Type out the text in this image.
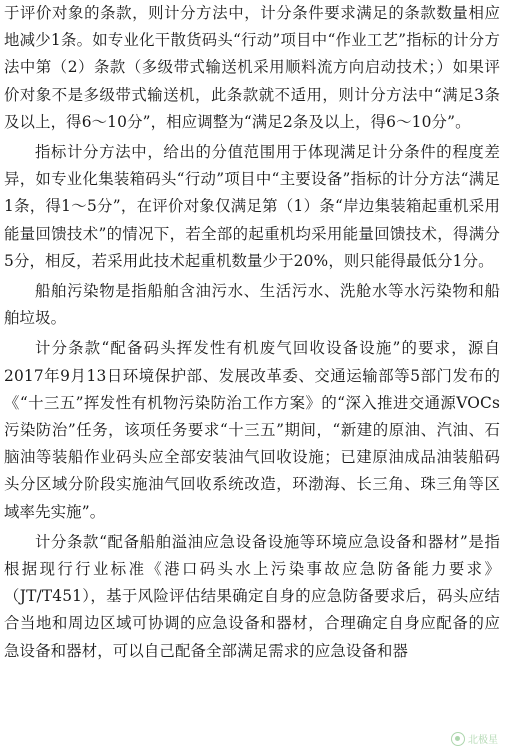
于评价对象的条款，则计分方法中，计分条件要求满足的条款数量相应地减少1条。如专业化干散货码头“行动”项目中“作业工艺”指标的计分方法中第（2）条款（多级带式输送机采用顺料流方向启动技术；）如果评价对象不是多级带式输送机，此条款就不适用，则计分方法中“满足3条及以上，得6～10分”，相应调整为“满足2条及以上，得6～10分”。

指标计分方法中，给出的分值范围用于体现满足计分条件的程度差异，如专业化集装箱码头“行动”项目中“主要设备”指标的计分方法“满足1条，得1～5分”，在评价对象仅满足第（1）条“岸边集装箱起重机采用能量回馈技术”的情况下，若全部的起重机均采用能量回馈技术，得满分5分，相反，若采用此技术起重机数量少于20%，则只能得最低分1分。

船舶污染物是指船舶含油污水、生活污水、洗舱水等水污染物和船舶垃圾。

计分条款“配备码头挥发性有机废气回收设备设施”的要求，源自2017年9月13日环境保护部、发展改革委、交通运输部等5部门发布的《“十三五”挥发性有机物污染防治工作方案》的“深入推进交通源VOCs污染防治”任务，该项任务要求“十三五”期间，“新建的原油、汽油、石脑油等装船作业码头应全部安装油气回收设施；已建原油成品油装船码头分区域分阶段实施油气回收系统改造，环渤海、长三角、珠三角等区域率先实施”。

计分条款“配备船舶溢油应急设备设施等环境应急设备和器材”是指根据现行行业标准《港口码头水上污染事故应急防备能力要求》（JT/T451），基于风险评估结果确定自身的应急防备要求后，码头应结合当地和周边区域可协调的应急设备和器材，合理确定自身应配备的应急设备和器材，可以自己配备全部满足需求的应急设备和器

北极星
